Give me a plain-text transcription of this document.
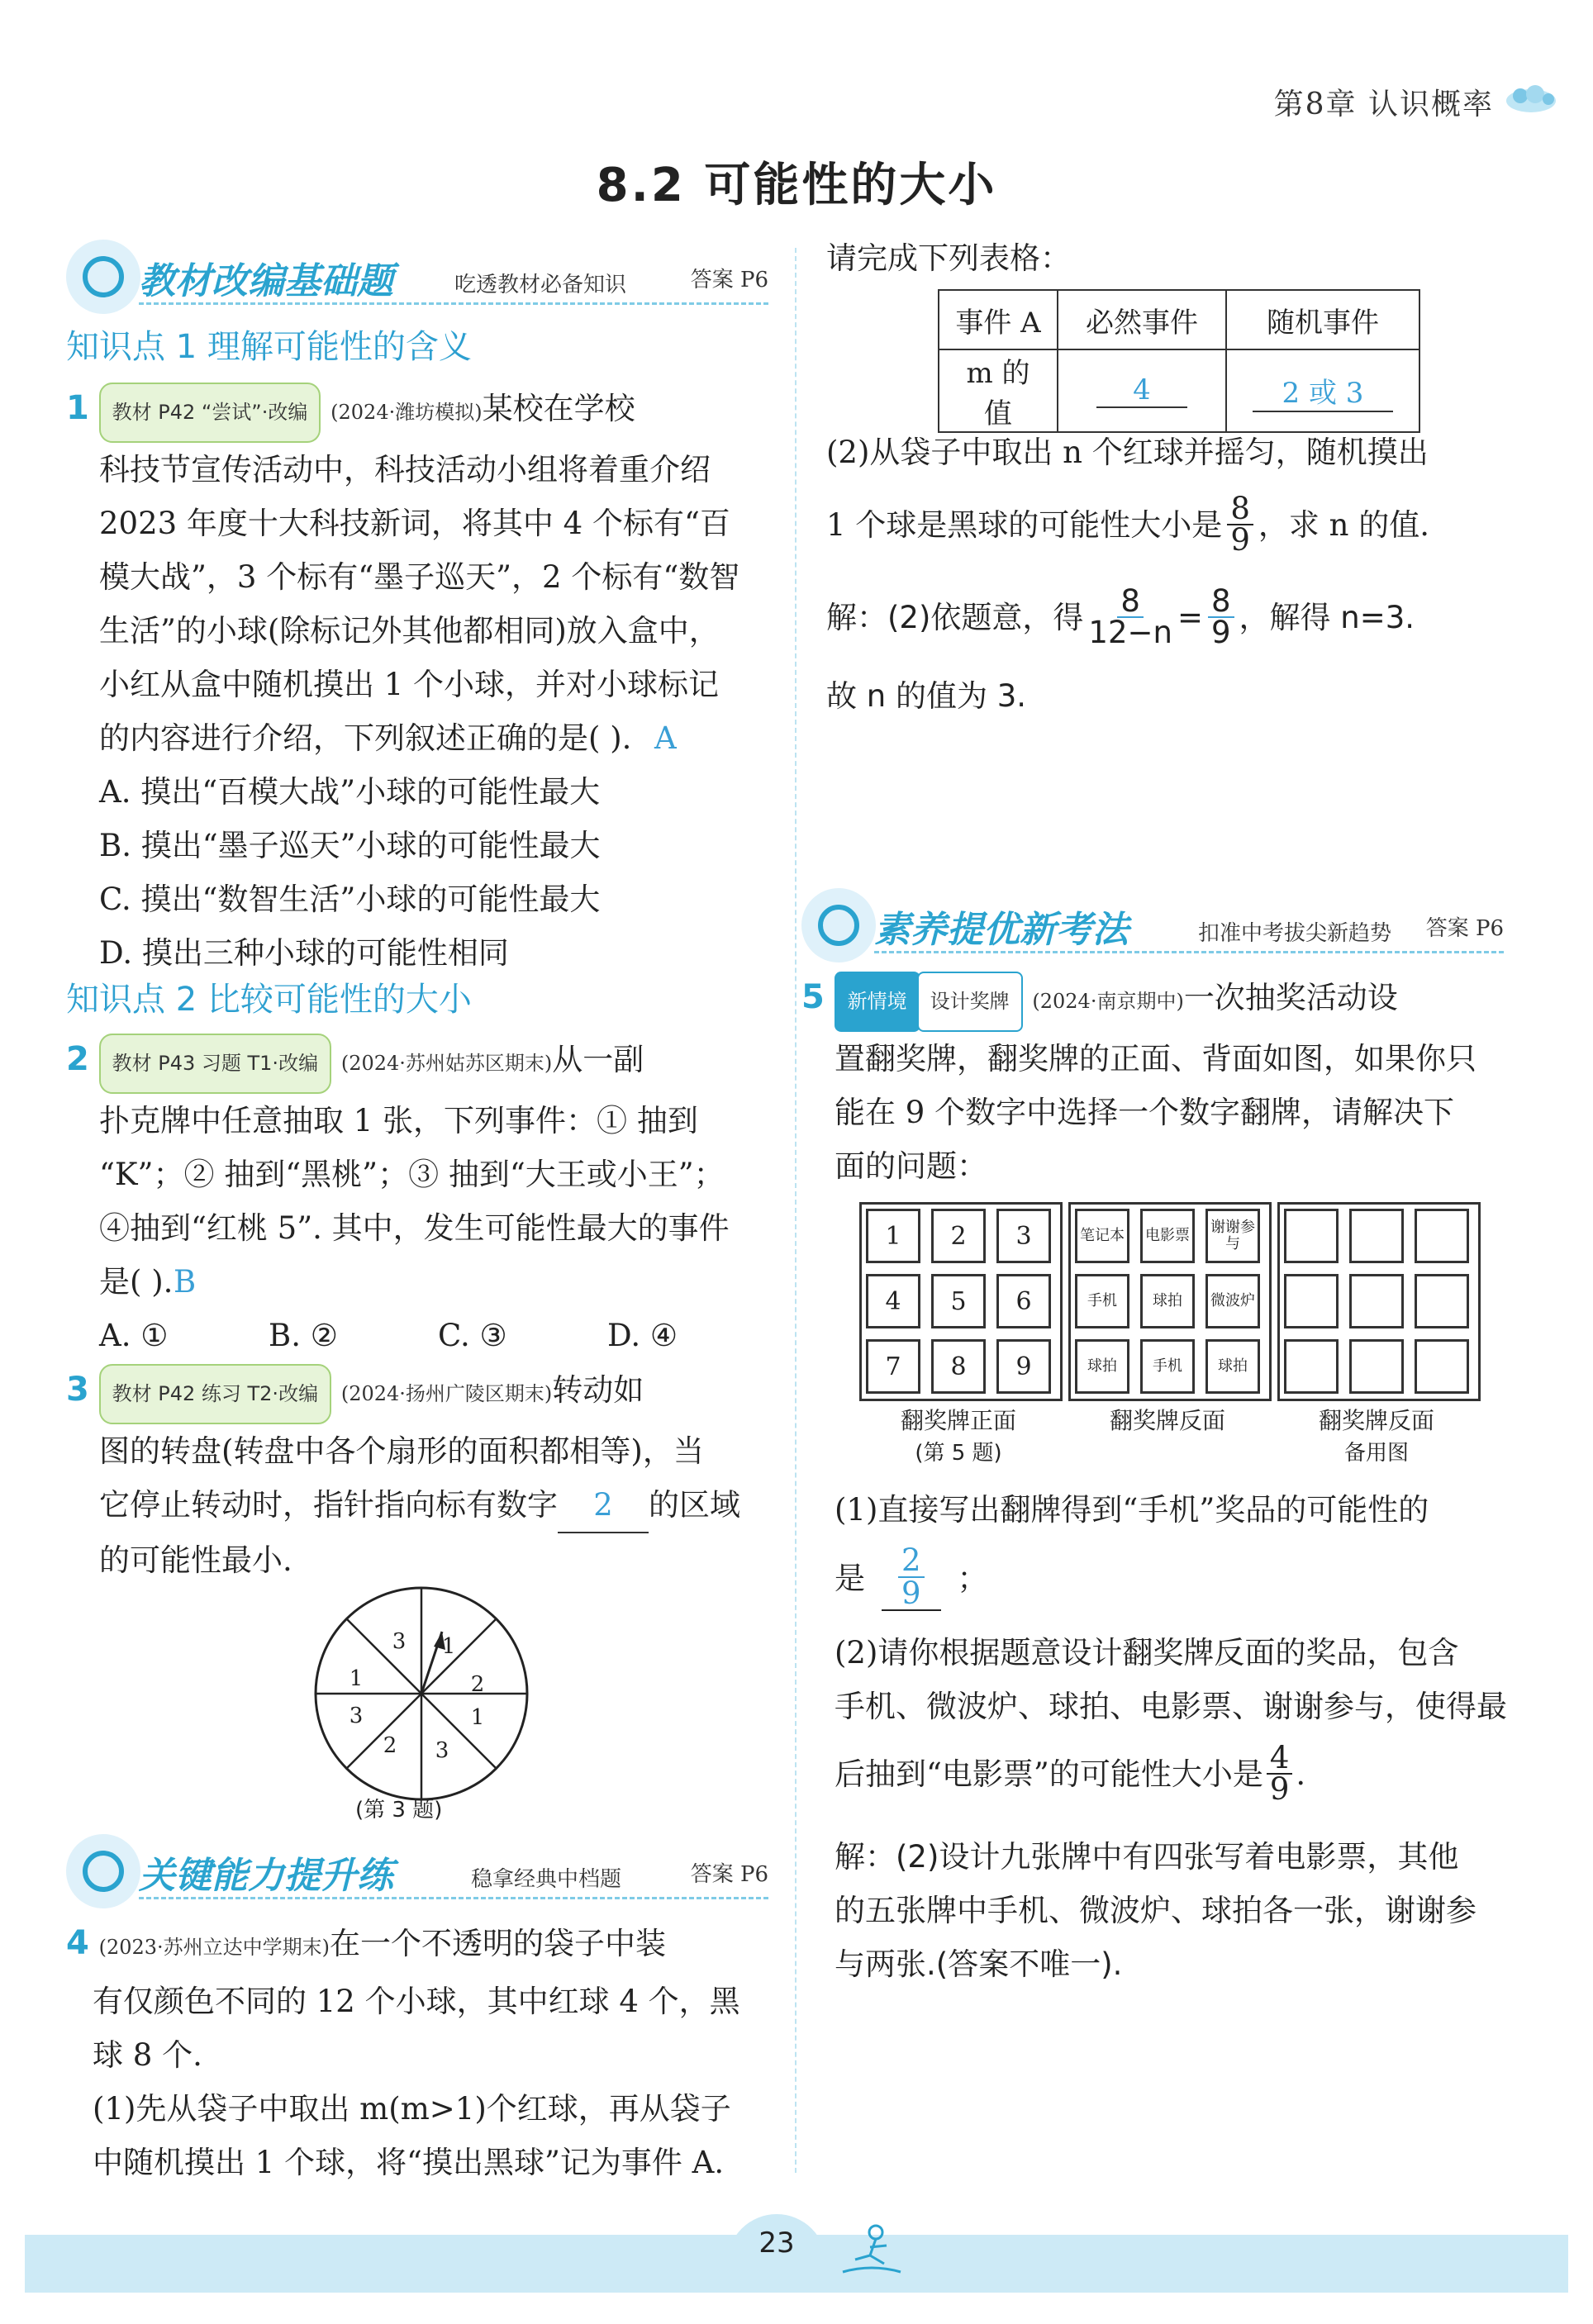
第8章 认识概率
8.2 可能性的大小
教材改编基础题	吃透教材必备知识	答案 P6
知识点 1 理解可能性的含义
1 教材 P42 “尝试”·改编 (2024·潍坊模拟)某校在学校
科技节宣传活动中，科技活动小组将着重介绍
2023 年度十大科技新词，将其中 4 个标有“百
模大战”，3 个标有“墨子巡天”，2 个标有“数智
生活”的小球(除标记外其他都相同)放入盒中，
小红从盒中随机摸出 1 个小球，并对小球标记
的内容进行介绍，下列叙述正确的是( ). A
A. 摸出“百模大战”小球的可能性最大
B. 摸出“墨子巡天”小球的可能性最大
C. 摸出“数智生活”小球的可能性最大
D. 摸出三种小球的可能性相同
知识点 2 比较可能性的大小
2 教材 P43 习题 T1·改编 (2024·苏州姑苏区期末)从一副
扑克牌中任意抽取 1 张，下列事件：① 抽到
“K”；② 抽到“黑桃”；③ 抽到“大王或小王”；
④抽到“红桃 5”. 其中，发生可能性最大的事件
是( ). B
A. ①	B. ②	C. ③	D. ④
3 教材 P42 练习 T2·改编 (2024·扬州广陵区期末)转动如
图的转盘(转盘中各个扇形的面积都相等)，当
它停止转动时，指针指向标有数字 2 的区域
的可能性最小.
3 1
2
1
3
2
3
1
(第 3 题)
关键能力提升练	稳拿经典中档题	答案 P6
4 (2023·苏州立达中学期末)在一个不透明的袋子中装
有仅颜色不同的 12 个小球，其中红球 4 个，黑
球 8 个.
(1)先从袋子中取出 m(m>1)个红球，再从袋子
中随机摸出 1 个球，将“摸出黑球”记为事件 A.
请完成下列表格：
事件 A	必然事件	随机事件
m 的值	4	2 或 3
(2)从袋子中取出 n 个红球并摇匀，随机摸出
1 个球是黑球的可能性大小是 $\frac{8}{9}$ ，求 n 的值.
解：(2)依题意，得 $\frac{8}{12-n} = \frac{8}{9}$ ，解得 n=3.
故 n 的值为 3.
素养提优新考法	扣准中考拔尖新趋势 答案 P6
5 新情境 设计奖牌 (2024·南京期中)一次抽奖活动设
置翻奖牌，翻奖牌的正面、背面如图，如果你只
能在 9 个数字中选择一个数字翻牌，请解决下
面的问题：
1	2	3
4	5	6
7	8	9
笔记本	电影票	谢谢参与
手机	球拍	微波炉
球拍	手机	球拍
翻奖牌正面	翻奖牌反面	翻奖牌反面
(第 5 题)	备用图
(1)直接写出翻牌得到“手机”奖品的可能性的
是 $\frac{2}{9}$ ；
(2)请你根据题意设计翻奖牌反面的奖品，包含
手机、微波炉、球拍、电影票、谢谢参与，使得最
后抽到“电影票”的可能性大小是 $\frac{4}{9}$ .
解：(2)设计九张牌中有四张写着电影票，其他
的五张牌中手机、微波炉、球拍各一张，谢谢参
与两张.(答案不唯一).
23
